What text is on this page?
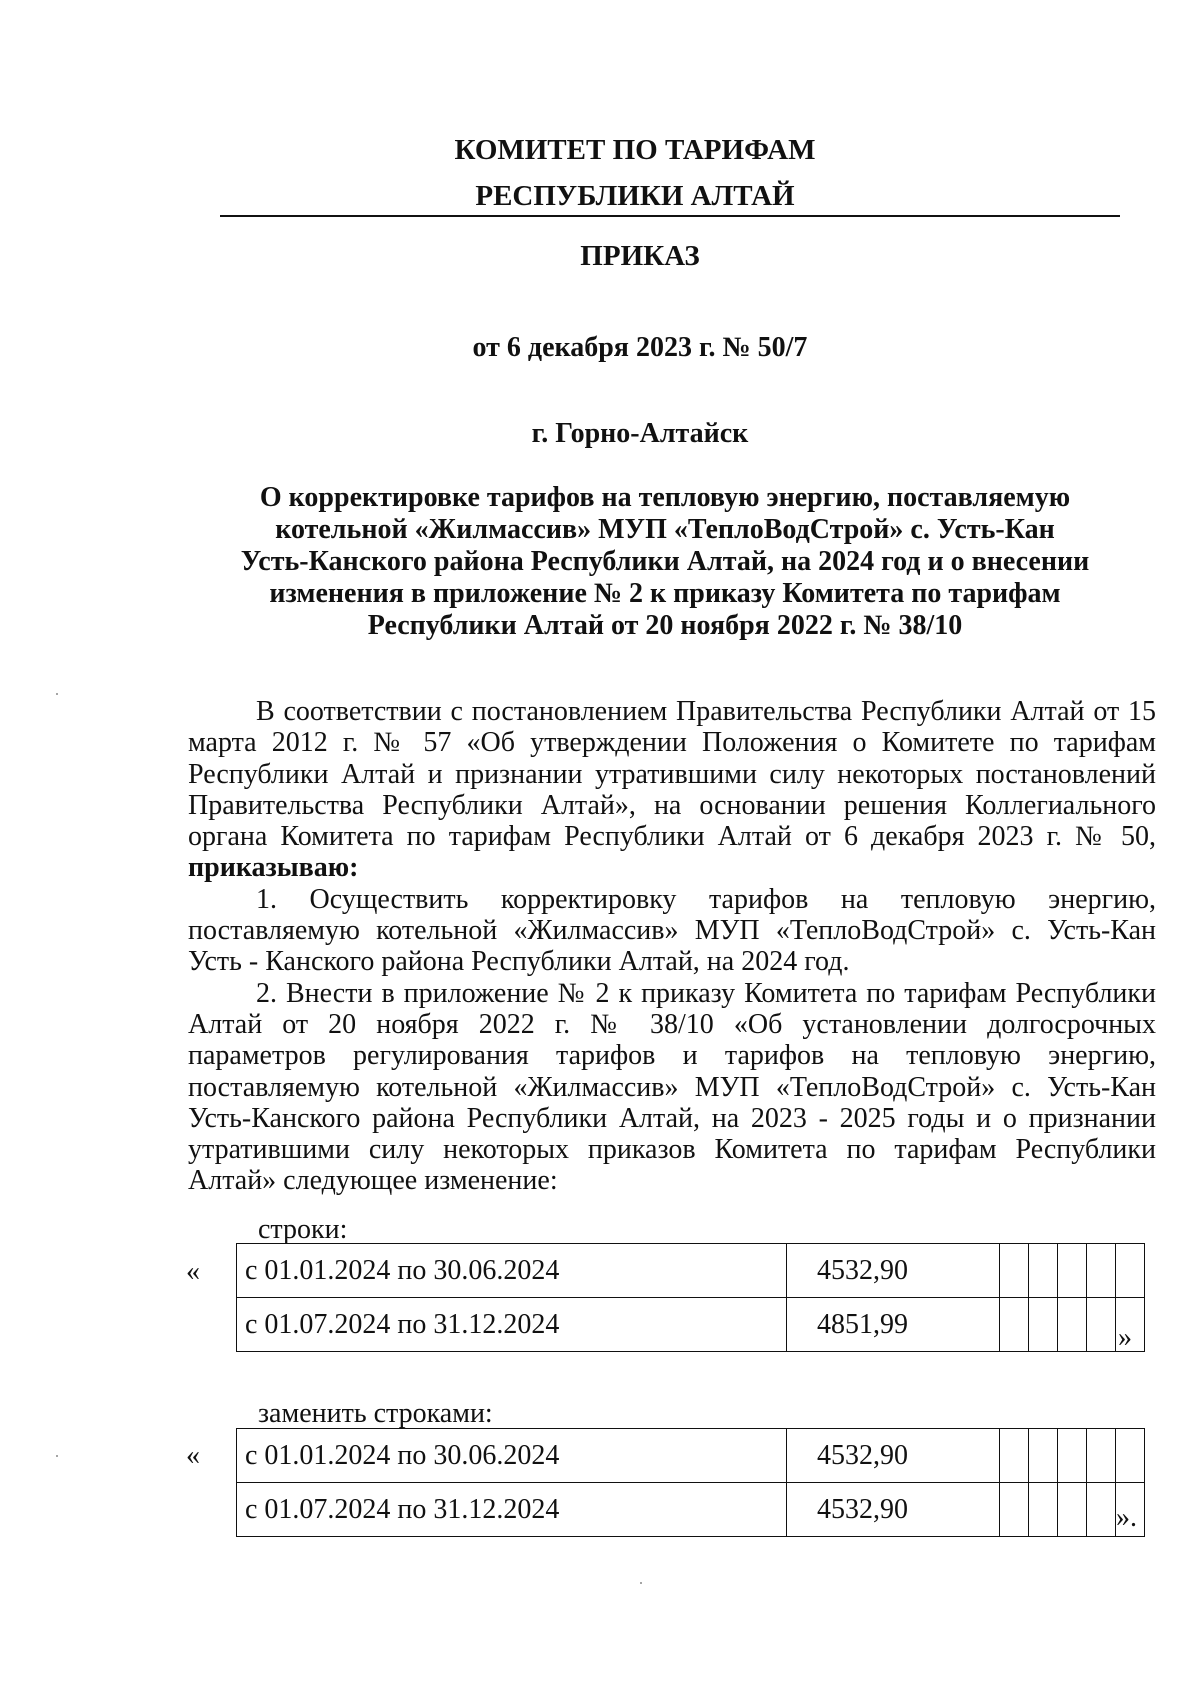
КОМИТЕТ ПО ТАРИФАМ
РЕСПУБЛИКИ АЛТАЙ
ПРИКАЗ
от 6 декабря 2023 г. № 50/7
г. Горно-Алтайск
О корректировке тарифов на тепловую энергию, поставляемую
котельной «Жилмассив» МУП «ТеплоВодСтрой» с. Усть-Кан
Усть-Канского района Республики Алтай, на 2024 год и о внесении
изменения в приложение № 2 к приказу Комитета по тарифам
Республики Алтай от 20 ноября 2022 г. № 38/10

В соответствии с постановлением Правительства Республики Алтай от 15 марта 2012 г. № 57 «Об утверждении Положения о Комитете по тарифам Республики Алтай и признании утратившими силу некоторых постановлений Правительства Республики Алтай», на основании решения Коллегиального органа Комитета по тарифам Республики Алтай от 6 декабря 2023 г. № 50, приказываю:

1. Осуществить корректировку тарифов на тепловую энергию, поставляемую котельной «Жилмассив» МУП «ТеплоВодСтрой» с. Усть-Кан Усть - Канского района Республики Алтай, на 2024 год.

2. Внести в приложение № 2 к приказу Комитета по тарифам Республики Алтай от 20 ноября 2022 г. № 38/10 «Об установлении долгосрочных параметров регулирования тарифов и тарифов на тепловую энергию, поставляемую котельной «Жилмассив» МУП «ТеплоВодСтрой» с. Усть-Кан Усть-Канского района Республики Алтай, на 2023 - 2025 годы и о признании утратившими силу некоторых приказов Комитета по тарифам Республики Алтай» следующее изменение:

строки:
« с 01.01.2024 по 30.06.2024	4532,90					
с 01.07.2024 по 31.12.2024	4851,99						»
заменить строками:
« с 01.01.2024 по 30.06.2024	4532,90					
с 01.07.2024 по 31.12.2024	4532,90						».
